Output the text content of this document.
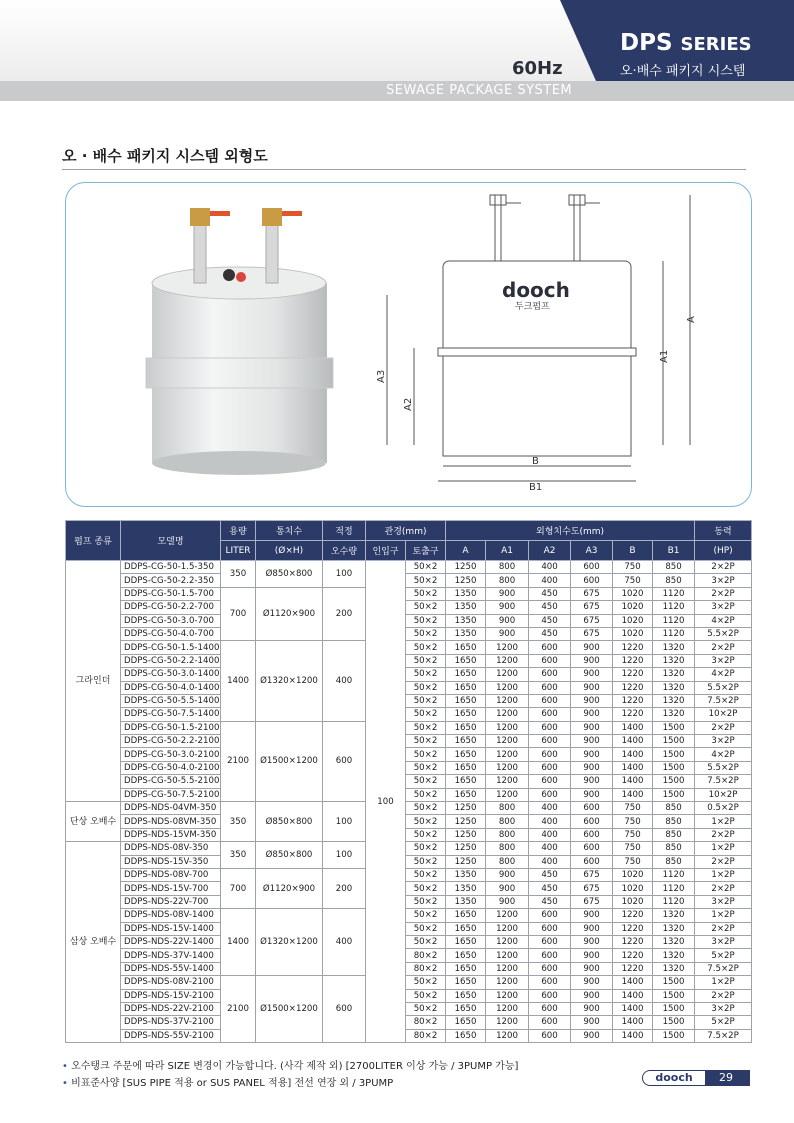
60Hz
SEWAGE PACKAGE SYSTEM
DPS SERIES
오·배수 패키지 시스템
오 · 배수 패키지 시스템 외형도
dooch
두크펌프
A
A1
A2
A3
B
B1
펌프 종류	모델명	용량	통치수	적정	관경(mm)		외형치수도(mm)						동력
		LITER	(Ø×H)	오수량	인입구	토출구	A	A1	A2	A3	B	B1	(HP)
그라인더	DDPS-CG-50-1.5-350	350	Ø850×800	100	100	50×2	1250	800	400	600	750	850	2×2P
	DDPS-CG-50-2.2-350					50×2	1250	800	400	600	750	850	3×2P
	DDPS-CG-50-1.5-700	700	Ø1120×900	200		50×2	1350	900	450	675	1020	1120	2×2P
	DDPS-CG-50-2.2-700					50×2	1350	900	450	675	1020	1120	3×2P
	DDPS-CG-50-3.0-700					50×2	1350	900	450	675	1020	1120	4×2P
	DDPS-CG-50-4.0-700					50×2	1350	900	450	675	1020	1120	5.5×2P
	DDPS-CG-50-1.5-1400	1400	Ø1320×1200	400		50×2	1650	1200	600	900	1220	1320	2×2P
	DDPS-CG-50-2.2-1400					50×2	1650	1200	600	900	1220	1320	3×2P
	DDPS-CG-50-3.0-1400					50×2	1650	1200	600	900	1220	1320	4×2P
	DDPS-CG-50-4.0-1400					50×2	1650	1200	600	900	1220	1320	5.5×2P
	DDPS-CG-50-5.5-1400					50×2	1650	1200	600	900	1220	1320	7.5×2P
	DDPS-CG-50-7.5-1400					50×2	1650	1200	600	900	1220	1320	10×2P
	DDPS-CG-50-1.5-2100	2100	Ø1500×1200	600		50×2	1650	1200	600	900	1400	1500	2×2P
	DDPS-CG-50-2.2-2100					50×2	1650	1200	600	900	1400	1500	3×2P
	DDPS-CG-50-3.0-2100					50×2	1650	1200	600	900	1400	1500	4×2P
	DDPS-CG-50-4.0-2100					50×2	1650	1200	600	900	1400	1500	5.5×2P
	DDPS-CG-50-5.5-2100					50×2	1650	1200	600	900	1400	1500	7.5×2P
	DDPS-CG-50-7.5-2100					50×2	1650	1200	600	900	1400	1500	10×2P
단상 오배수	DDPS-NDS-04VM-350	350	Ø850×800	100		50×2	1250	800	400	600	750	850	0.5×2P
	DDPS-NDS-08VM-350					50×2	1250	800	400	600	750	850	1×2P
	DDPS-NDS-15VM-350					50×2	1250	800	400	600	750	850	2×2P
삼상 오배수	DDPS-NDS-08V-350	350	Ø850×800	100		50×2	1250	800	400	600	750	850	1×2P
	DDPS-NDS-15V-350					50×2	1250	800	400	600	750	850	2×2P
	DDPS-NDS-08V-700	700	Ø1120×900	200		50×2	1350	900	450	675	1020	1120	1×2P
	DDPS-NDS-15V-700					50×2	1350	900	450	675	1020	1120	2×2P
	DDPS-NDS-22V-700					50×2	1350	900	450	675	1020	1120	3×2P
	DDPS-NDS-08V-1400	1400	Ø1320×1200	400		50×2	1650	1200	600	900	1220	1320	1×2P
	DDPS-NDS-15V-1400					50×2	1650	1200	600	900	1220	1320	2×2P
	DDPS-NDS-22V-1400					50×2	1650	1200	600	900	1220	1320	3×2P
	DDPS-NDS-37V-1400					80×2	1650	1200	600	900	1220	1320	5×2P
	DDPS-NDS-55V-1400					80×2	1650	1200	600	900	1220	1320	7.5×2P
	DDPS-NDS-08V-2100	2100	Ø1500×1200	600		50×2	1650	1200	600	900	1400	1500	1×2P
	DDPS-NDS-15V-2100					50×2	1650	1200	600	900	1400	1500	2×2P
	DDPS-NDS-22V-2100					50×2	1650	1200	600	900	1400	1500	3×2P
	DDPS-NDS-37V-2100					80×2	1650	1200	600	900	1400	1500	5×2P
	DDPS-NDS-55V-2100					80×2	1650	1200	600	900	1400	1500	7.5×2P
• 오수탱크 주문에 따라 SIZE 변경이 가능합니다. (사각 제작 외) [2700LITER 이상 가능 / 3PUMP 가능]
• 비표준사양 [SUS PIPE 적용 or SUS PANEL 적용] 전선 연장 외 / 3PUMP	dooch	29
